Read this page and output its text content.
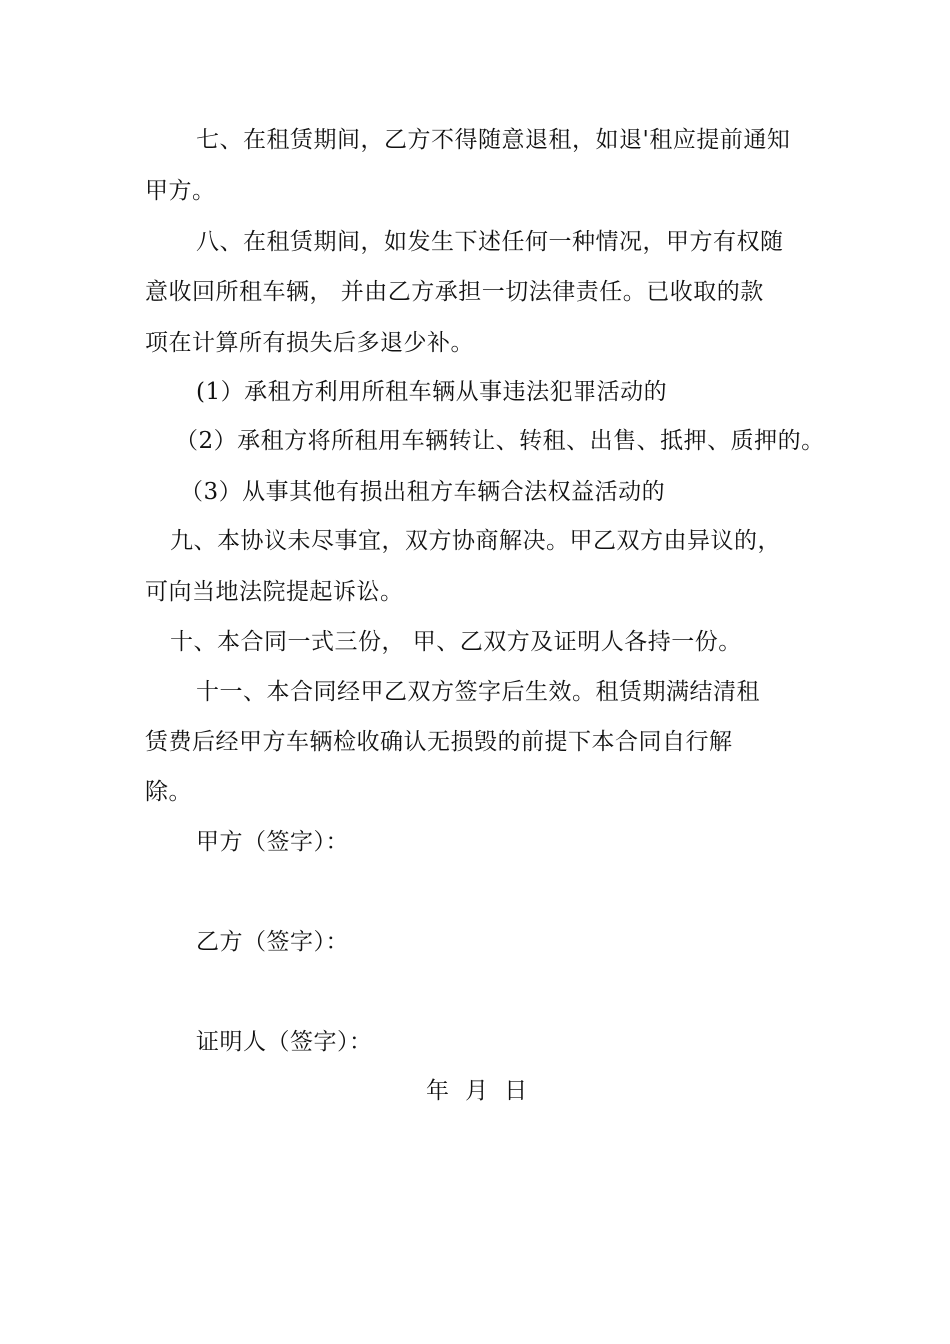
七、在租赁期间，乙方不得随意退租，如退'租应提前通知
甲方。
八、在租赁期间，如发生下述任何一种情况，甲方有权随
意收回所租车辆， 并由乙方承担一切法律责任。已收取的款
项在计算所有损失后多退少补。
(1）承租方利用所租车辆从事违法犯罪活动的
（2）承租方将所租用车辆转让、转租、出售、抵押、质押的。
（3）从事其他有损出租方车辆合法权益活动的
九、本协议未尽事宜，双方协商解决。甲乙双方由异议的，
可向当地法院提起诉讼。
十、本合同一式三份， 甲、乙双方及证明人各持一份。
十一、本合同经甲乙双方签字后生效。租赁期满结清租
赁费后经甲方车辆检收确认无损毁的前提下本合同自行解
除。
甲方（签字）：
乙方（签字）：
证明人（签字）：
年  月  日
